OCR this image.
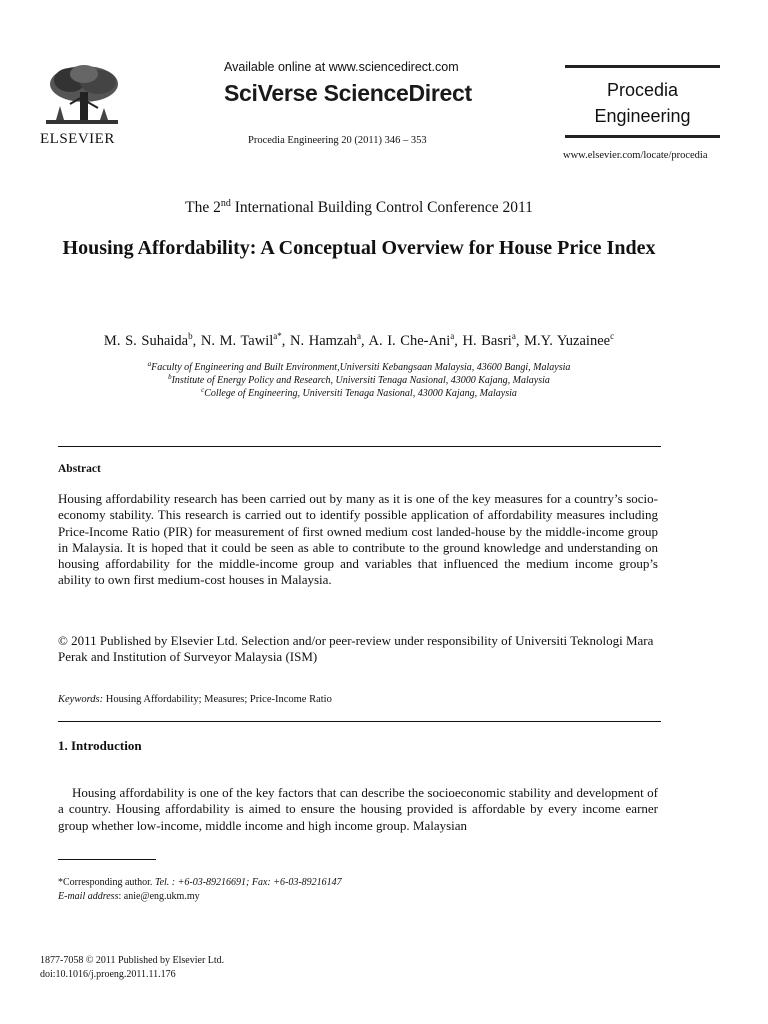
ELSEVIER
Available online at www.sciencedirect.com
SciVerse ScienceDirect
Procedia Engineering 20 (2011) 346 – 353
Procedia
Engineering
www.elsevier.com/locate/procedia
The 2nd International Building Control Conference 2011
Housing Affordability: A Conceptual Overview for House Price Index
M. S. Suhaida$^b$, N. M. Tawil$^{a*}$, N. Hamzah$^a$, A. I. Che-Ani$^a$, H. Basri$^a$, M.Y. Yuzainee$^c$
$^a$Faculty of Engineering and Built Environment,Universiti Kebangsaan Malaysia, 43600 Bangi, Malaysia
$^b$Institute of Energy Policy and Research, Universiti Tenaga Nasional, 43000 Kajang, Malaysia
$^c$College of Engineering, Universiti Tenaga Nasional, 43000 Kajang, Malaysia
Abstract
Housing affordability research has been carried out by many as it is one of the key measures for a country’s socio-economy stability. This research is carried out to identify possible application of affordability measures including Price-Income Ratio (PIR) for measurement of first owned medium cost landed-house by the middle-income group in Malaysia. It is hoped that it could be seen as able to contribute to the ground knowledge and understanding on housing affordability for the middle-income group and variables that influenced the medium income group’s ability to own first medium-cost houses in Malaysia.
© 2011 Published by Elsevier Ltd. Selection and/or peer-review under responsibility of Universiti Teknologi Mara Perak and Institution of Surveyor Malaysia (ISM)
Keywords: Housing Affordability; Measures; Price-Income Ratio
1. Introduction
Housing affordability is one of the key factors that can describe the socioeconomic stability and development of a country. Housing affordability is aimed to ensure the housing provided is affordable by every income earner group whether low-income, middle income and high income group. Malaysian
*Corresponding author. Tel. : +6-03-89216691; Fax: +6-03-89216147
E-mail address: anie@eng.ukm.my
1877-7058 © 2011 Published by Elsevier Ltd.
doi:10.1016/j.proeng.2011.11.176
